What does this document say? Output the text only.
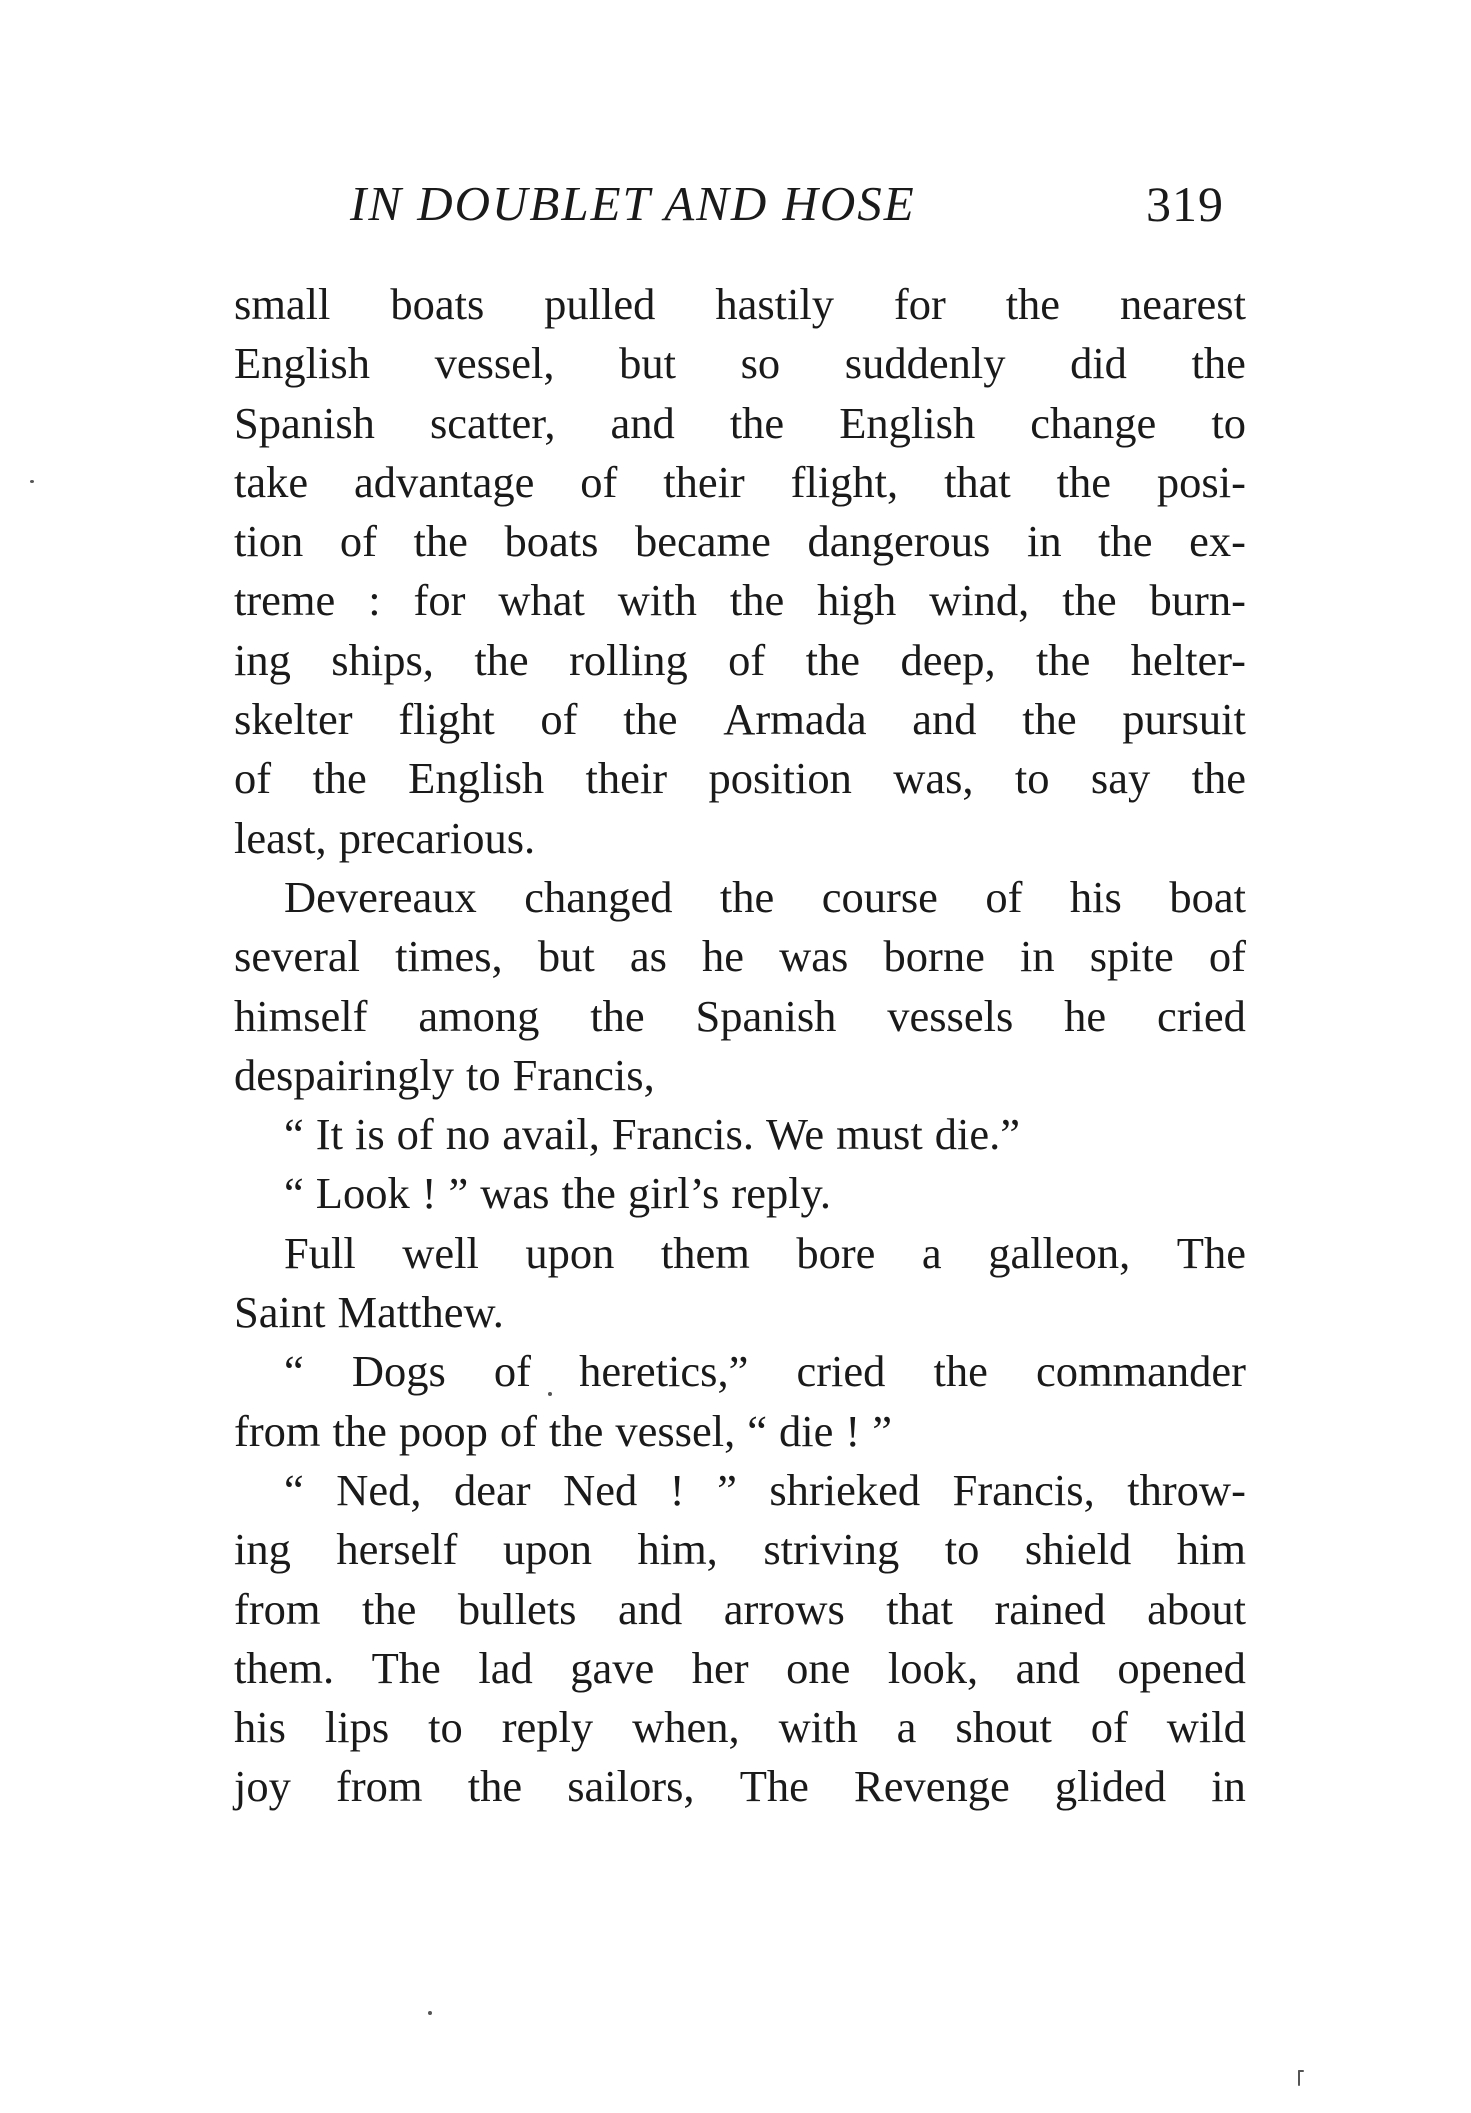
IN DOUBLET AND HOSE	319
small boats pulled hastily for the nearest
English vessel, but so suddenly did the
Spanish scatter, and the English change to
take advantage of their flight, that the posi-
tion of the boats became dangerous in the ex-
treme : for what with the high wind, the burn-
ing ships, the rolling of the deep, the helter-
skelter flight of the Armada and the pursuit
of the English their position was, to say the
least, precarious.
Devereaux changed the course of his boat
several times, but as he was borne in spite of
himself among the Spanish vessels he cried
despairingly to Francis,
“ It is of no avail, Francis. We must die.”
“ Look ! ” was the girl’s reply.
Full well upon them bore a galleon, The
Saint Matthew.
“ Dogs of heretics,” cried the commander
from the poop of the vessel, “ die ! ”
“ Ned, dear Ned ! ” shrieked Francis, throw-
ing herself upon him, striving to shield him
from the bullets and arrows that rained about
them. The lad gave her one look, and opened
his lips to reply when, with a shout of wild
joy from the sailors, The Revenge glided in
